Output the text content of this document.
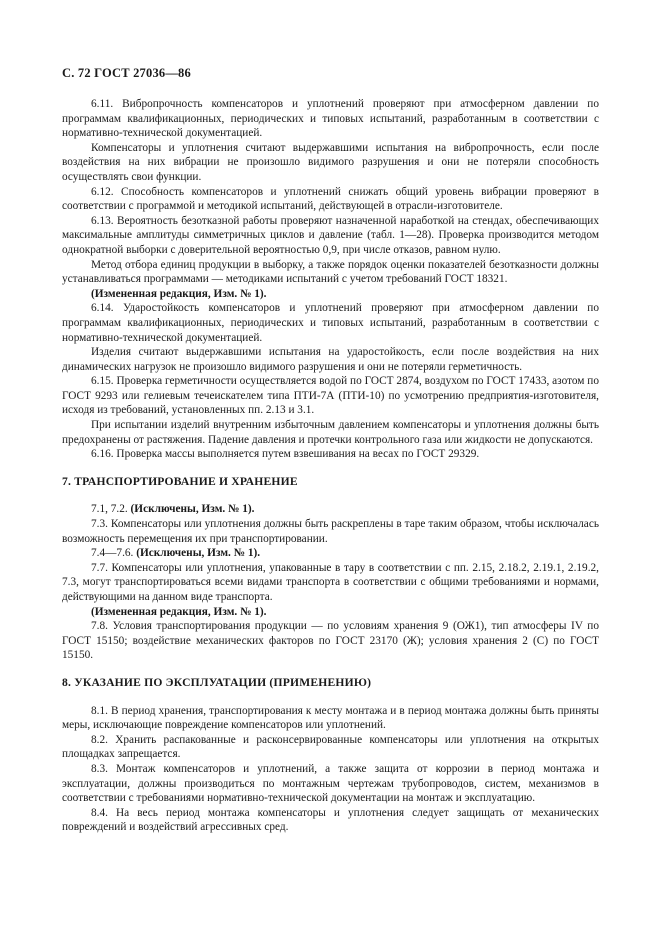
С. 72 ГОСТ 27036—86

6.11. Вибропрочность компенсаторов и уплотнений проверяют при атмосферном давлении по программам квалификационных, периодических и типовых испытаний, разработанным в соответствии с нормативно-технической документацией.

Компенсаторы и уплотнения считают выдержавшими испытания на вибропрочность, если после воздействия на них вибрации не произошло видимого разрушения и они не потеряли способность осуществлять свои функции.

6.12. Способность компенсаторов и уплотнений снижать общий уровень вибрации проверяют в соответствии с программой и методикой испытаний, действующей в отрасли-изготовителе.

6.13. Вероятность безотказной работы проверяют назначенной наработкой на стендах, обеспечивающих максимальные амплитуды симметричных циклов и давление (табл. 1—28). Проверка производится методом однократной выборки с доверительной вероятностью 0,9, при числе отказов, равном нулю.

Метод отбора единиц продукции в выборку, а также порядок оценки показателей безотказности должны устанавливаться программами — методиками испытаний с учетом требований ГОСТ 18321.

(Измененная редакция, Изм. № 1).

6.14. Ударостойкость компенсаторов и уплотнений проверяют при атмосферном давлении по программам квалификационных, периодических и типовых испытаний, разработанным в соответствии с нормативно-технической документацией.

Изделия считают выдержавшими испытания на ударостойкость, если после воздействия на них динамических нагрузок не произошло видимого разрушения и они не потеряли герметичность.

6.15. Проверка герметичности осуществляется водой по ГОСТ 2874, воздухом по ГОСТ 17433, азотом по ГОСТ 9293 или гелиевым течеискателем типа ПТИ-7А (ПТИ-10) по усмотрению предприятия-изготовителя, исходя из требований, установленных пп. 2.13 и 3.1.

При испытании изделий внутренним избыточным давлением компенсаторы и уплотнения должны быть предохранены от растяжения. Падение давления и протечки контрольного газа или жидкости не допускаются.

6.16. Проверка массы выполняется путем взвешивания на весах по ГОСТ 29329.

7. ТРАНСПОРТИРОВАНИЕ И ХРАНЕНИЕ

7.1, 7.2. (Исключены, Изм. № 1).

7.3. Компенсаторы или уплотнения должны быть раскреплены в таре таким образом, чтобы исключалась возможность перемещения их при транспортировании.

7.4—7.6. (Исключены, Изм. № 1).

7.7. Компенсаторы или уплотнения, упакованные в тару в соответствии с пп. 2.15, 2.18.2, 2.19.1, 2.19.2, 7.3, могут транспортироваться всеми видами транспорта в соответствии с общими требованиями и нормами, действующими на данном виде транспорта.

(Измененная редакция, Изм. № 1).

7.8. Условия транспортирования продукции — по условиям хранения 9 (ОЖ1), тип атмосферы IV по ГОСТ 15150; воздействие механических факторов по ГОСТ 23170 (Ж); условия хранения 2 (С) по ГОСТ 15150.

8. УКАЗАНИЕ ПО ЭКСПЛУАТАЦИИ (ПРИМЕНЕНИЮ)

8.1. В период хранения, транспортирования к месту монтажа и в период монтажа должны быть приняты меры, исключающие повреждение компенсаторов или уплотнений.

8.2. Хранить распакованные и расконсервированные компенсаторы или уплотнения на открытых площадках запрещается.

8.3. Монтаж компенсаторов и уплотнений, а также защита от коррозии в период монтажа и эксплуатации, должны производиться по монтажным чертежам трубопроводов, систем, механизмов в соответствии с требованиями нормативно-технической документации на монтаж и эксплуатацию.

8.4. На весь период монтажа компенсаторы и уплотнения следует защищать от механических повреждений и воздействий агрессивных сред.
